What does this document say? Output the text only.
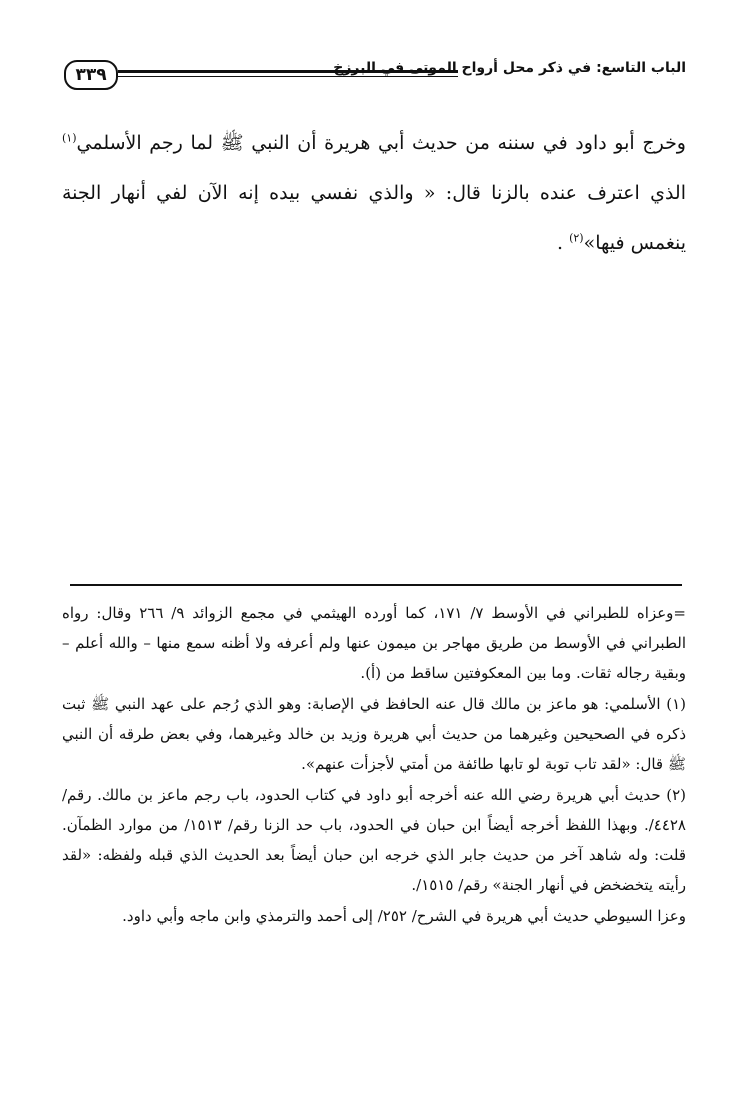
٣٣٩	الباب التاسع: في ذكر محل أرواح الموتى في البرزخ

وخرج أبو داود في سننه من حديث أبي هريرة أن النبي ﷺ لما رجم الأسلمي$^{(١)}$ الذي اعترف عنده بالزنا قال: « والذي نفسي بيده إنه الآن لفي أنهار الجنة ينغمس فيها»$^{(٢)}$ .

=وعزاه للطبراني في الأوسط ٧/ ١٧١، كما أورده الهيثمي في مجمع الزوائد ٩/ ٢٦٦ وقال: رواه الطبراني في الأوسط من طريق مهاجر بن ميمون عنها ولم أعرفه ولا أظنه سمع منها – والله أعلم – وبقية رجاله ثقات. وما بين المعكوفتين ساقط من (أ).

(١) الأسلمي: هو ماعز بن مالك قال عنه الحافظ في الإصابة: وهو الذي رُجم على عهد النبي ﷺ ثبت ذكره في الصحيحين وغيرهما من حديث أبي هريرة وزيد بن خالد وغيرهما، وفي بعض طرقه أن النبي ﷺ قال: «لقد تاب توبة لو تابها طائفة من أمتي لأجزأت عنهم».

(٢) حديث أبي هريرة رضي الله عنه أخرجه أبو داود في كتاب الحدود، باب رجم ماعز بن مالك. رقم/ ٤٤٢٨/. وبهذا اللفظ أخرجه أيضاً ابن حبان في الحدود، باب حد الزنا رقم/ ١٥١٣/ من موارد الظمآن. قلت: وله شاهد آخر من حديث جابر الذي خرجه ابن حبان أيضاً بعد الحديث الذي قبله ولفظه: «لقد رأيته يتخضخض في أنهار الجنة» رقم/ ١٥١٥/.

وعزا السيوطي حديث أبي هريرة في الشرح/ ٢٥٢/ إلى أحمد والترمذي وابن ماجه وأبي داود.
